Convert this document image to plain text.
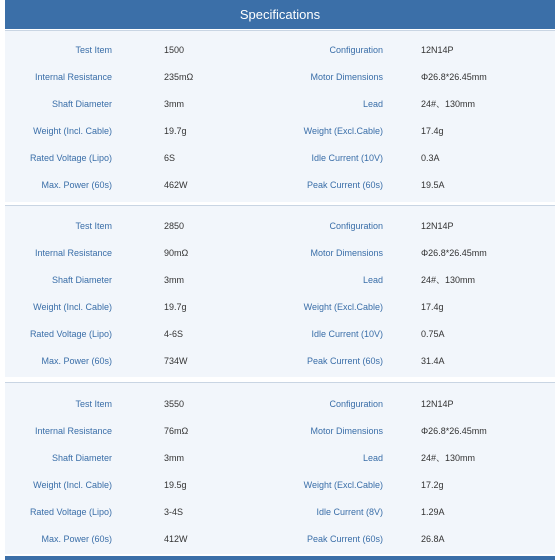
Specifications
Test Item	1500	Configuration	12N14P
Internal Resistance	235mΩ	Motor Dimensions	Φ26.8*26.45mm
Shaft Diameter	3mm	Lead	24#、130mm
Weight (Incl. Cable)	19.7g	Weight (Excl.Cable)	17.4g
Rated Voltage (Lipo)	6S	Idle Current (10V)	0.3A
Max. Power (60s)	462W	Peak Current (60s)	19.5A
Test Item	2850	Configuration	12N14P
Internal Resistance	90mΩ	Motor Dimensions	Φ26.8*26.45mm
Shaft Diameter	3mm	Lead	24#、130mm
Weight (Incl. Cable)	19.7g	Weight (Excl.Cable)	17.4g
Rated Voltage (Lipo)	4-6S	Idle Current (10V)	0.75A
Max. Power (60s)	734W	Peak Current (60s)	31.4A
Test Item	3550	Configuration	12N14P
Internal Resistance	76mΩ	Motor Dimensions	Φ26.8*26.45mm
Shaft Diameter	3mm	Lead	24#、130mm
Weight (Incl. Cable)	19.5g	Weight (Excl.Cable)	17.2g
Rated Voltage (Lipo)	3-4S	Idle Current (8V)	1.29A
Max. Power (60s)	412W	Peak Current (60s)	26.8A
